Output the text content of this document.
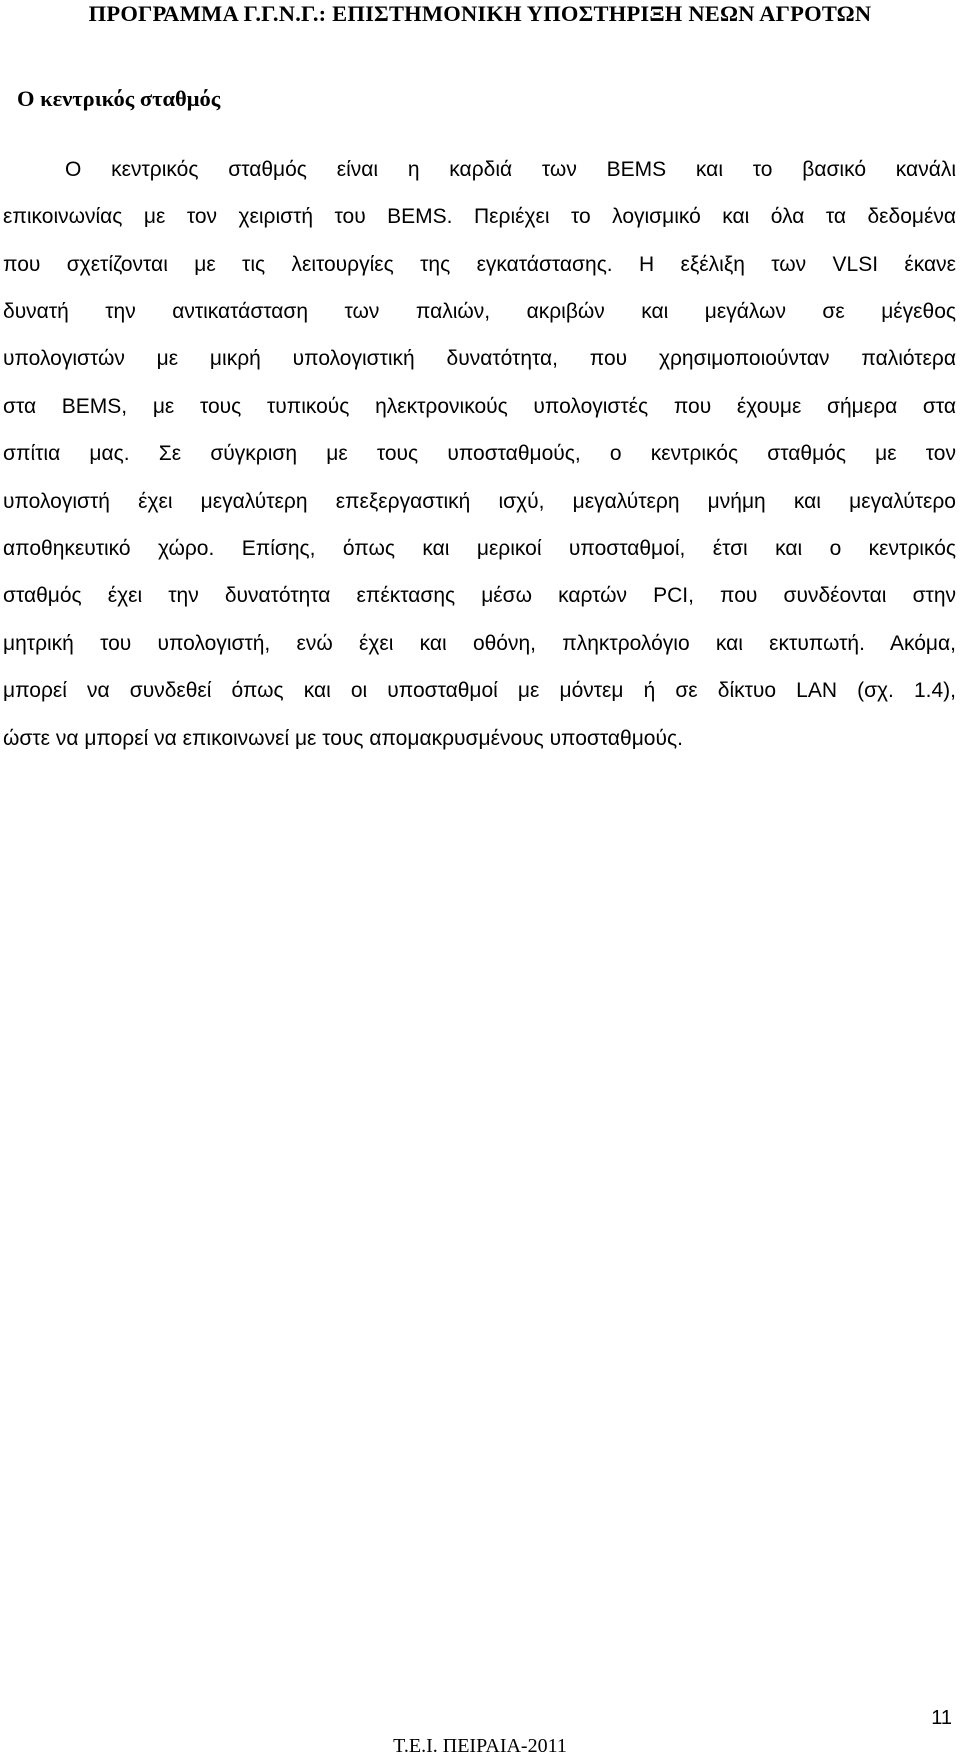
ΠΡΟΓΡΑΜΜΑ Γ.Γ.Ν.Γ.: ΕΠΙΣΤΗΜΟΝΙΚΗ ΥΠΟΣΤΗΡΙΞΗ ΝΕΩΝ ΑΓΡΟΤΩΝ
Ο κεντρικός σταθμός
Ο κεντρικός σταθμός είναι η καρδιά των BEMS και το βασικό κανάλι
επικοινωνίας με τον χειριστή του BEMS. Περιέχει το λογισμικό και όλα τα δεδομένα
που σχετίζονται με τις λειτουργίες της εγκατάστασης. Η εξέλιξη των VLSI έκανε
δυνατή την αντικατάσταση των παλιών, ακριβών και μεγάλων σε μέγεθος
υπολογιστών με μικρή υπολογιστική δυνατότητα, που χρησιμοποιούνταν παλιότερα
στα BEMS, με τους τυπικούς ηλεκτρονικούς υπολογιστές που έχουμε σήμερα στα
σπίτια μας. Σε σύγκριση με τους υποσταθμούς, ο κεντρικός σταθμός με τον
υπολογιστή έχει μεγαλύτερη επεξεργαστική ισχύ, μεγαλύτερη μνήμη και μεγαλύτερο
αποθηκευτικό χώρο. Επίσης, όπως και μερικοί υποσταθμοί, έτσι και ο κεντρικός
σταθμός έχει την δυνατότητα επέκτασης μέσω καρτών PCI, που συνδέονται στην
μητρική του υπολογιστή, ενώ έχει και οθόνη, πληκτρολόγιο και εκτυπωτή. Ακόμα,
μπορεί να συνδεθεί όπως και οι υποσταθμοί με μόντεμ ή σε δίκτυο LAN (σχ. 1.4),
ώστε να μπορεί να επικοινωνεί με τους απομακρυσμένους υποσταθμούς.
11
Τ.Ε.Ι. ΠΕΙΡΑΙΑ-2011
